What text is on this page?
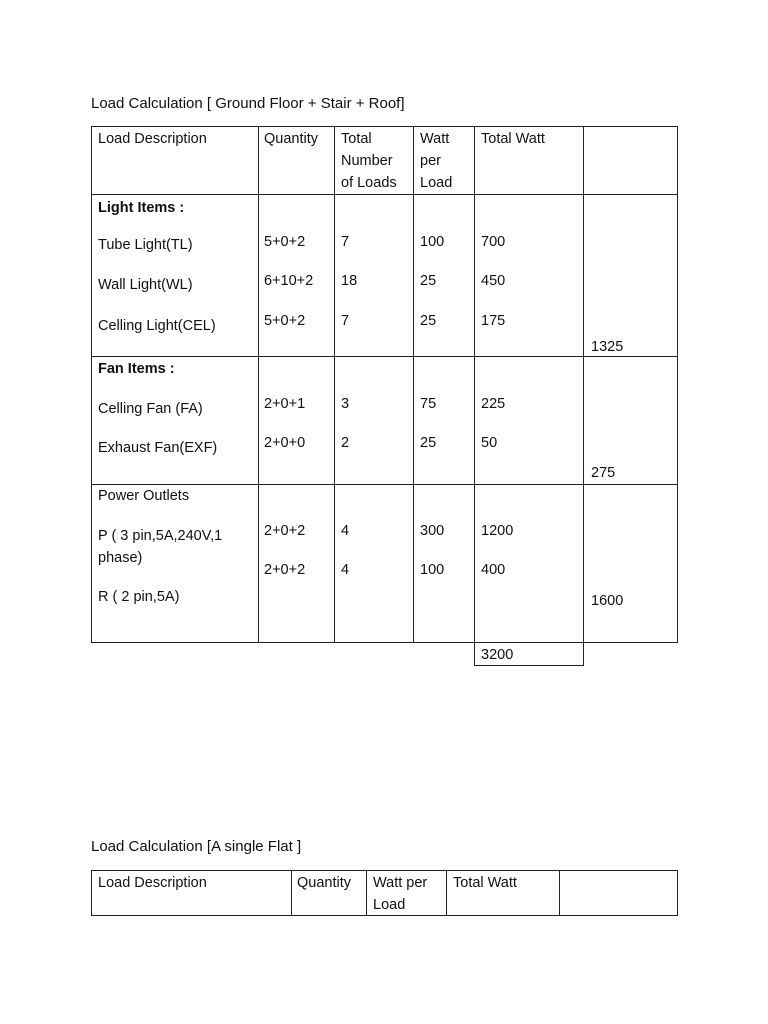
Load Calculation [ Ground Floor + Stair + Roof]
Load Description	Quantity Total Number of Loads
Watt per Load
Total Watt
Light Items :
Tube Light(TL)
Wall Light(WL)
Celling Light(CEL)
5+0+2
6+10+2
5+0+2
7
18
7
100
25
25
700
450
175
1325
Fan Items :
Celling Fan (FA)
Exhaust Fan(EXF)
2+0+1
2+0+0
3
2
75
25
225
50
275
Power Outlets
P ( 3 pin,5A,240V,1 phase)
R ( 2 pin,5A)
2+0+2
2+0+2
4
4
300
100
1200
400
1600
3200
Load Calculation [A single Flat ]
Load Description	Quantity Watt per Load
Total Watt
